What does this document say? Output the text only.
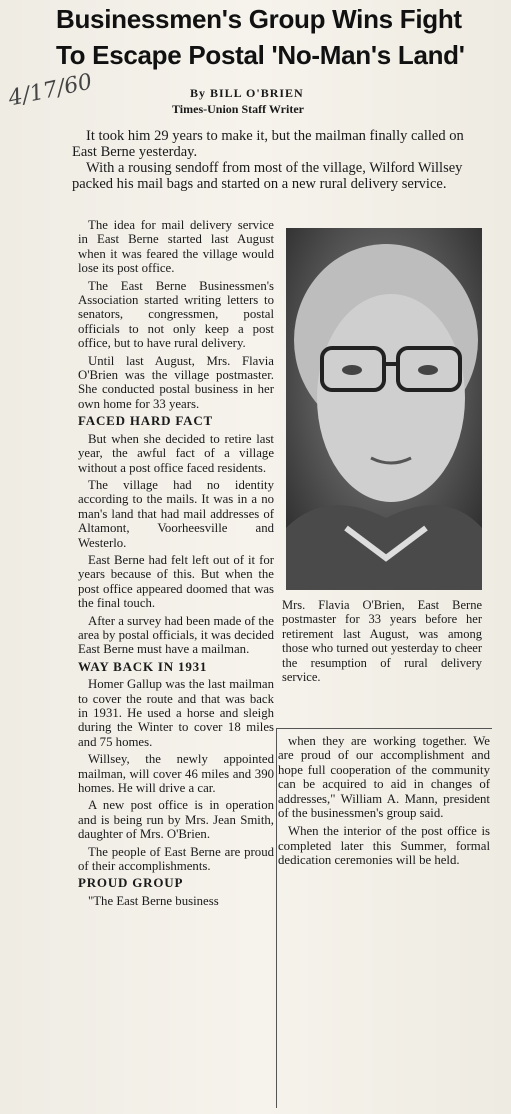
Businessmen's Group Wins Fight
To Escape Postal 'No-Man's Land'
4/17/60	By BILL O'BRIEN
Times-Union Staff Writer

It took him 29 years to make it, but the mailman finally called on East Berne yesterday.

With a rousing sendoff from most of the village, Wilford Willsey packed his mail bags and started on a new rural delivery service.

The idea for mail delivery service in East Berne started last August when it was feared the village would lose its post office.

The East Berne Businessmen's Association started writing letters to senators, congressmen, postal officials to not only keep a post office, but to have rural delivery.

Until last August, Mrs. Flavia O'Brien was the village postmaster. She conducted postal business in her own home for 33 years.

FACED HARD FACT

But when she decided to retire last year, the awful fact of a village without a post office faced residents.

The village had no identity according to the mails. It was in a no man's land that had mail addresses of Altamont, Voorheesville and Westerlo.

East Berne had felt left out of it for years because of this. But when the post office appeared doomed that was the final touch.

After a survey had been made of the area by postal officials, it was decided East Berne must have a mailman.

WAY BACK IN 1931

Homer Gallup was the last mailman to cover the route and that was back in 1931. He used a horse and sleigh during the Winter to cover 18 miles and 75 homes.

Willsey, the newly appointed mailman, will cover 46 miles and 390 homes. He will drive a car.

A new post office is in operation and is being run by Mrs. Jean Smith, daughter of Mrs. O'Brien.

The people of East Berne are proud of their accomplishments.

PROUD GROUP

"The East Berne business

Mrs. Flavia O'Brien, East Berne postmaster for 33 years before her retirement last August, was among those who turned out yesterday to cheer the resumption of rural delivery service.

when they are working together. We are proud of our accomplishment and hope full cooperation of the community can be acquired to aid in changes of addresses," William A. Mann, president of the businessmen's group said.

When the interior of the post office is completed later this Summer, formal dedication ceremonies will be held.
